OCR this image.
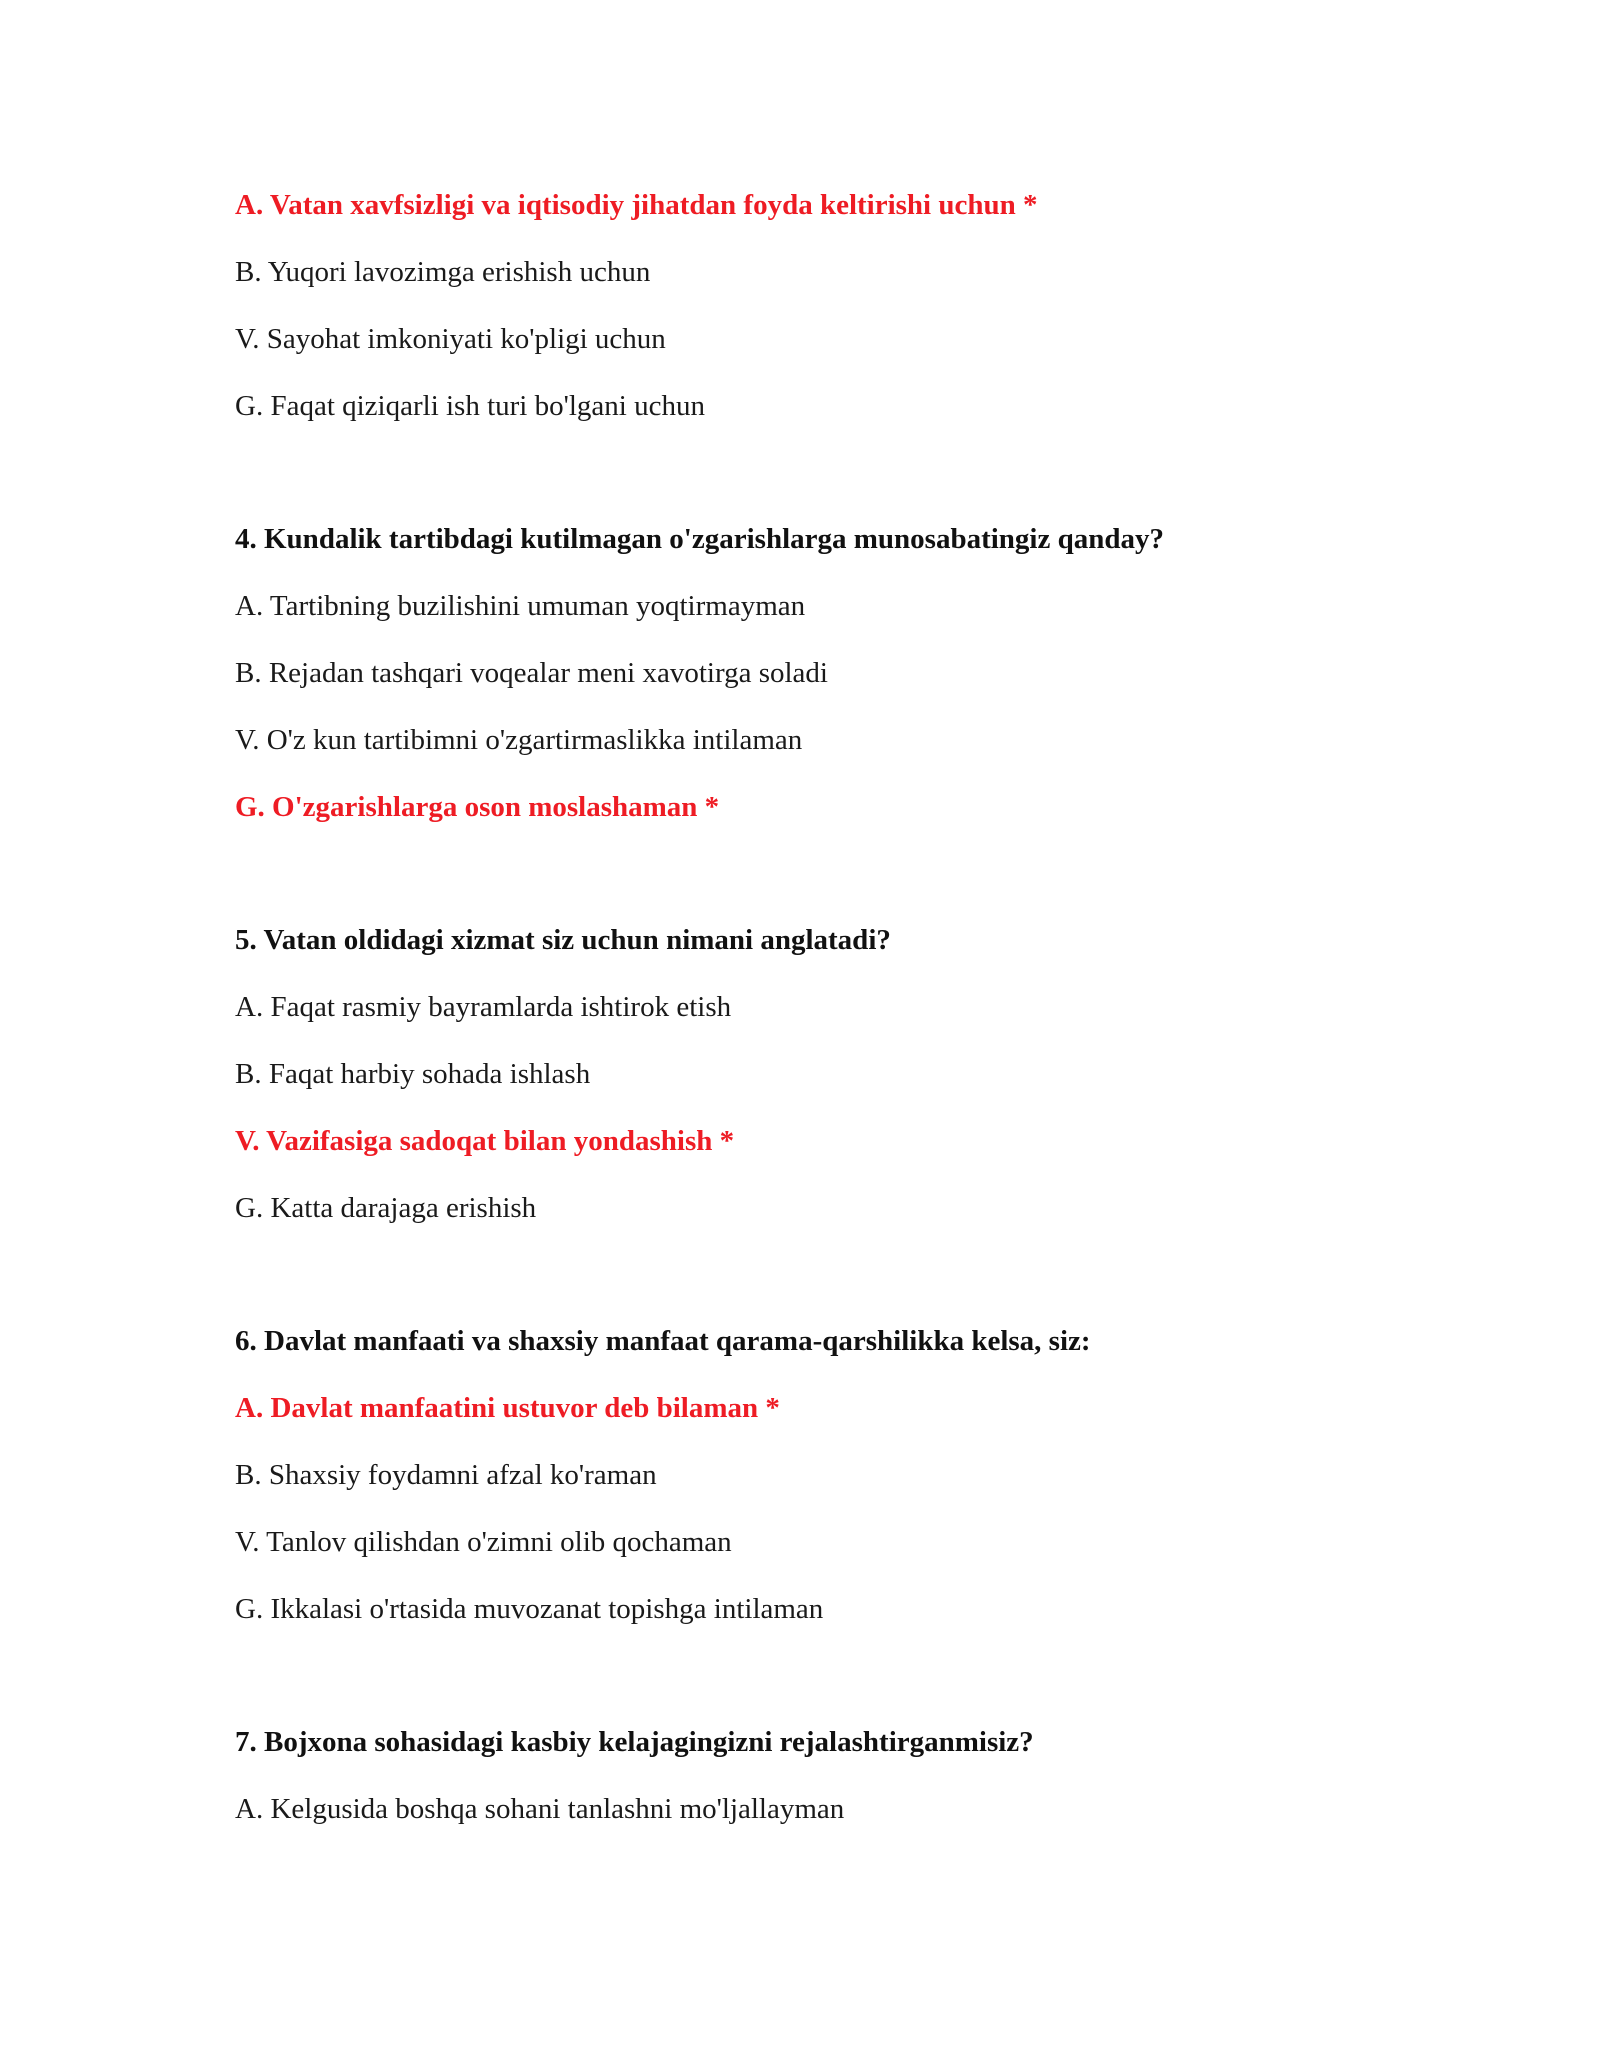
A. Vatan xavfsizligi va iqtisodiy jihatdan foyda keltirishi uchun *
B. Yuqori lavozimga erishish uchun
V. Sayohat imkoniyati ko'pligi uchun
G. Faqat qiziqarli ish turi bo'lgani uchun
4. Kundalik tartibdagi kutilmagan o'zgarishlarga munosabatingiz qanday?
A. Tartibning buzilishini umuman yoqtirmayman
B. Rejadan tashqari voqealar meni xavotirga soladi
V. O'z kun tartibimni o'zgartirmaslikka intilaman
G. O'zgarishlarga oson moslashaman *
5. Vatan oldidagi xizmat siz uchun nimani anglatadi?
A. Faqat rasmiy bayramlarda ishtirok etish
B. Faqat harbiy sohada ishlash
V. Vazifasiga sadoqat bilan yondashish *
G. Katta darajaga erishish
6. Davlat manfaati va shaxsiy manfaat qarama-qarshilikka kelsa, siz:
A. Davlat manfaatini ustuvor deb bilaman *
B. Shaxsiy foydamni afzal ko'raman
V. Tanlov qilishdan o'zimni olib qochaman
G. Ikkalasi o'rtasida muvozanat topishga intilaman
7. Bojxona sohasidagi kasbiy kelajagingizni rejalashtirganmisiz?
A. Kelgusida boshqa sohani tanlashni mo'ljallayman
